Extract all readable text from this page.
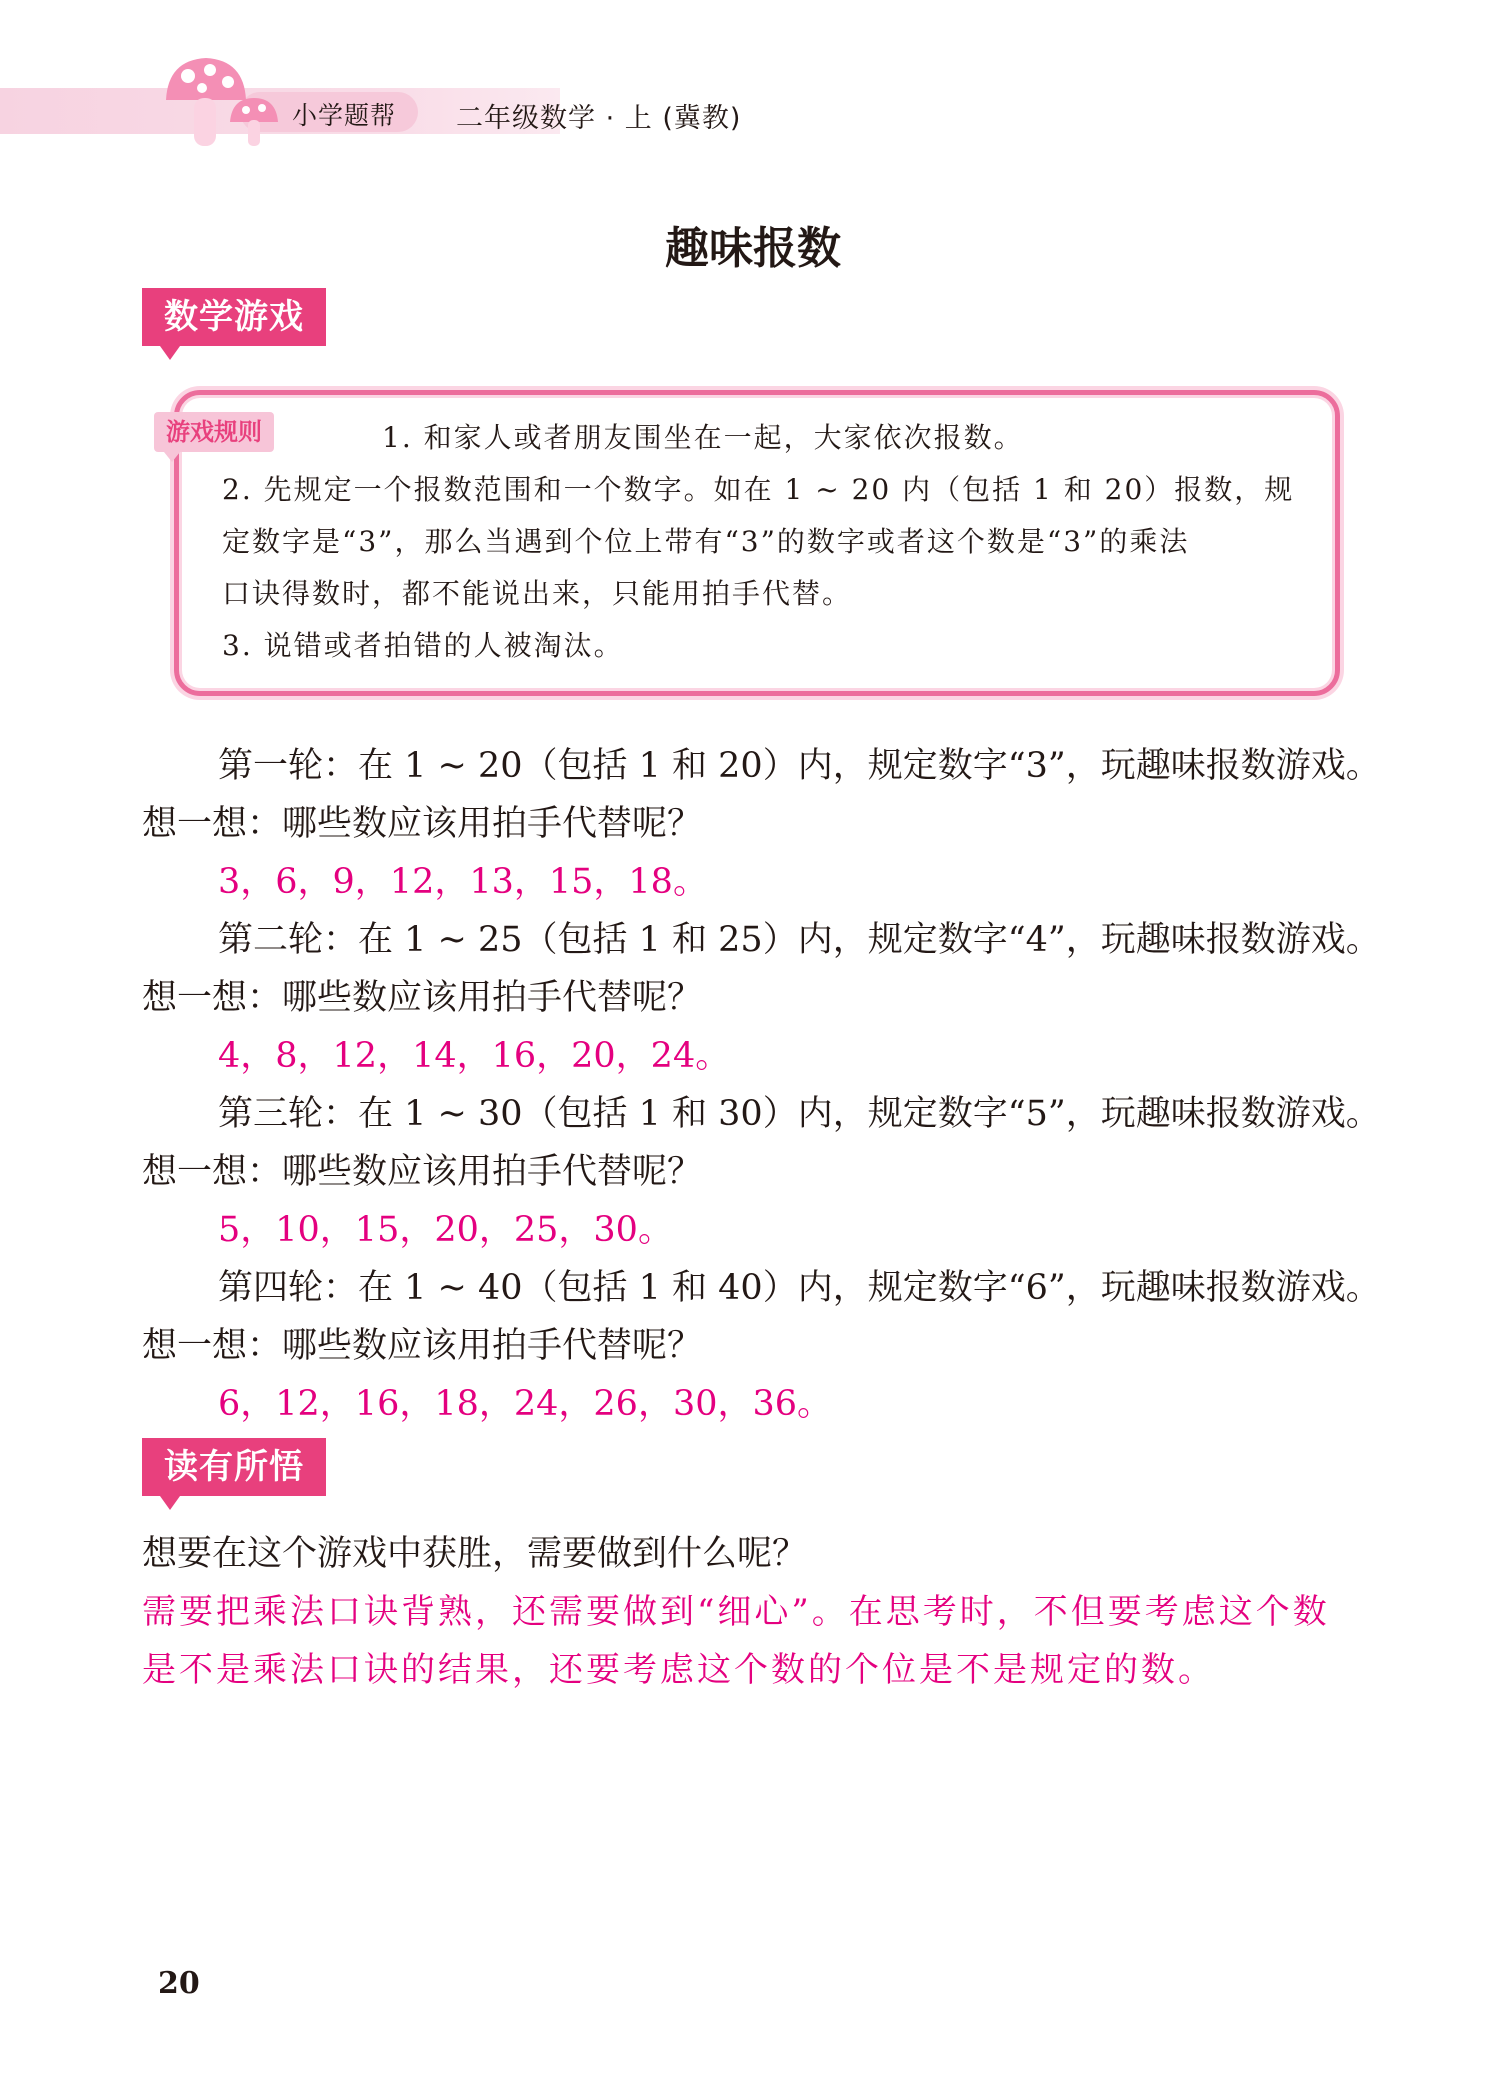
小学题帮 二年级数学 · 上 (冀教)
趣味报数
数学游戏
游戏规则	1. 和家人或者朋友围坐在一起，大家依次报数。
2. 先规定一个报数范围和一个数字。如在 1 ~ 20 内（包括 1 和 20）报数，规
定数字是“3”，那么当遇到个位上带有“3”的数字或者这个数是“3”的乘法
口诀得数时，都不能说出来，只能用拍手代替。
3. 说错或者拍错的人被淘汰。
第一轮：在 1 ~ 20（包括 1 和 20）内，规定数字“3”，玩趣味报数游戏。
想一想：哪些数应该用拍手代替呢？
3，6，9，12，13，15，18。
第二轮：在 1 ~ 25（包括 1 和 25）内，规定数字“4”，玩趣味报数游戏。
想一想：哪些数应该用拍手代替呢？
4，8，12，14，16，20，24。
第三轮：在 1 ~ 30（包括 1 和 30）内，规定数字“5”，玩趣味报数游戏。
想一想：哪些数应该用拍手代替呢？
5，10，15，20，25，30。
第四轮：在 1 ~ 40（包括 1 和 40）内，规定数字“6”，玩趣味报数游戏。
想一想：哪些数应该用拍手代替呢？
6，12，16，18，24，26，30，36。
读有所悟
想要在这个游戏中获胜，需要做到什么呢？
需要把乘法口诀背熟，还需要做到“细心”。在思考时，不但要考虑这个数
是不是乘法口诀的结果，还要考虑这个数的个位是不是规定的数。
20
